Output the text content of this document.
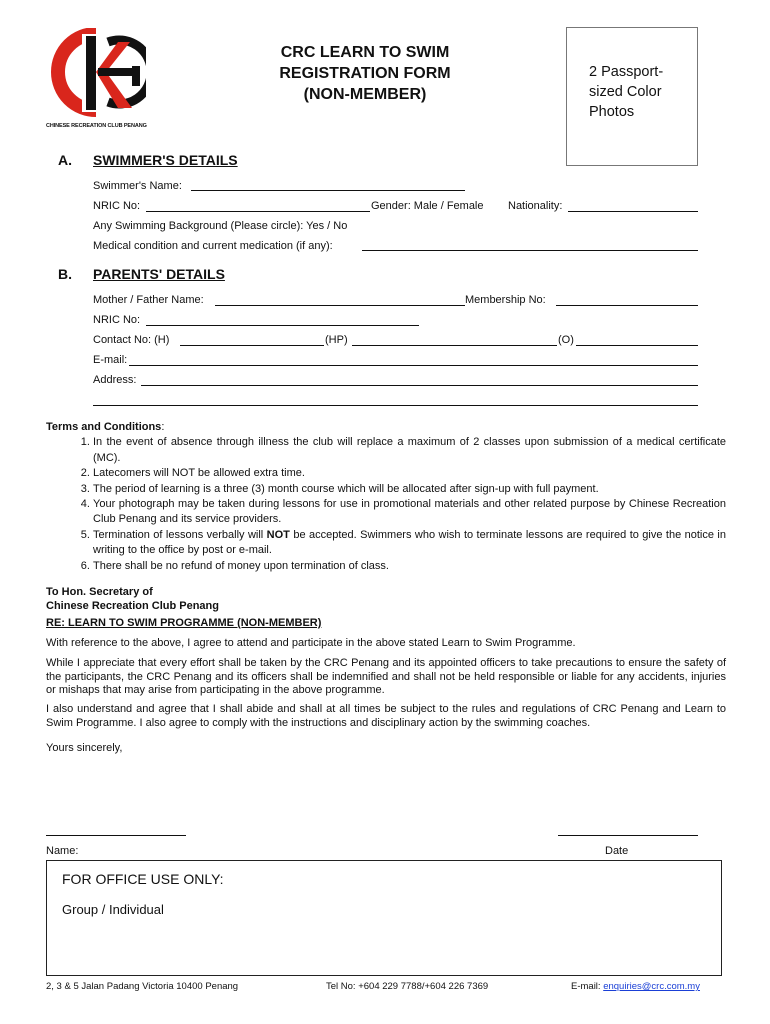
CHINESE RECREATION CLUB PENANG
CRC LEARN TO SWIM
REGISTRATION FORM
(NON-MEMBER)
2 Passport-
sized Color
Photos
A. SWIMMER'S DETAILS
Swimmer's Name:
NRIC No:	Gender: Male / Female Nationality:
Any Swimming Background (Please circle): Yes / No
Medical condition and current medication (if any):
B. PARENTS' DETAILS
Mother / Father Name:	Membership No:
NRIC No:
Contact No: (H)	(HP)	(O)
E-mail:
Address:
Terms and Conditions:
1. In the event of absence through illness the club will replace a maximum of 2 classes upon submission of a medical certificate (MC).
2. Latecomers will NOT be allowed extra time.
3. The period of learning is a three (3) month course which will be allocated after sign-up with full payment.
4. Your photograph may be taken during lessons for use in promotional materials and other related purpose by Chinese Recreation Club Penang and its service providers.
5. Termination of lessons verbally will NOT be accepted. Swimmers who wish to terminate lessons are required to give the notice in writing to the office by post or e-mail.
6. There shall be no refund of money upon termination of class.
To Hon. Secretary of
Chinese Recreation Club Penang
RE: LEARN TO SWIM PROGRAMME (NON-MEMBER)
With reference to the above, I agree to attend and participate in the above stated Learn to Swim Programme.
While I appreciate that every effort shall be taken by the CRC Penang and its appointed officers to take precautions to ensure the safety of the participants, the CRC Penang and its officers shall be indemnified and shall not be held responsible or liable for any accidents, injuries or mishaps that may arise from participating in the above programme.
I also understand and agree that I shall abide and shall at all times be subject to the rules and regulations of CRC Penang and Learn to Swim Programme. I also agree to comply with the instructions and disciplinary action by the swimming coaches.
Yours sincerely,
Name:	Date
FOR OFFICE USE ONLY:
Group / Individual
2, 3 & 5 Jalan Padang Victoria 10400 Penang	Tel No: +604 229 7788/+604 226 7369	E-mail: enquiries@crc.com.my
